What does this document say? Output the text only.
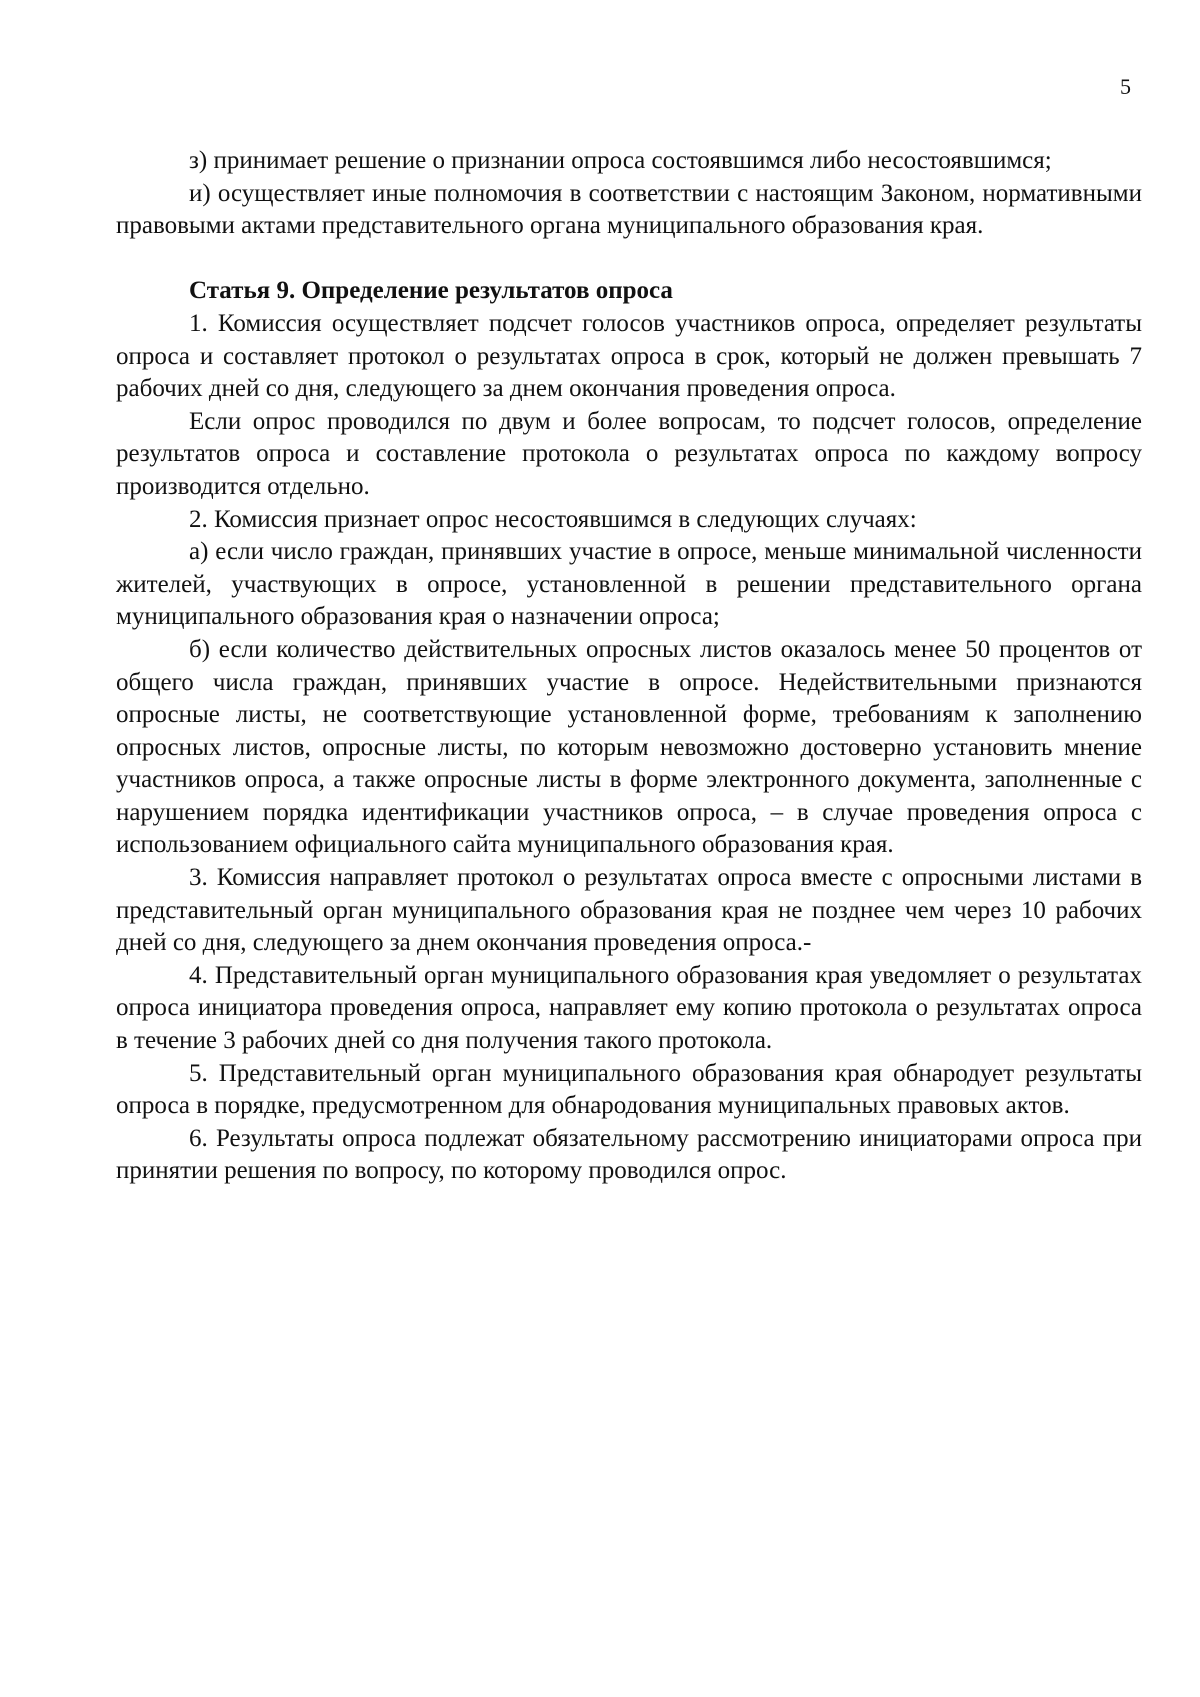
5

з) принимает решение о признании опроса состоявшимся либо несостоявшимся;

и) осуществляет иные полномочия в соответствии с настоящим Законом, нормативными правовыми актами представительного органа муниципального образования края.

Статья 9. Определение результатов опроса

1. Комиссия осуществляет подсчет голосов участников опроса, определяет результаты опроса и составляет протокол о результатах опроса в срок, который не должен превышать 7 рабочих дней со дня, следующего за днем окончания проведения опроса.

Если опрос проводился по двум и более вопросам, то подсчет голосов, определение результатов опроса и составление протокола о результатах опроса по каждому вопросу производится отдельно.

2. Комиссия признает опрос несостоявшимся в следующих случаях:

а) если число граждан, принявших участие в опросе, меньше минимальной численности жителей, участвующих в опросе, установленной в решении представительного органа муниципального образования края о назначении опроса;

б) если количество действительных опросных листов оказалось менее 50 процентов от общего числа граждан, принявших участие в опросе. Недействительными признаются опросные листы, не соответствующие установленной форме, требованиям к заполнению опросных листов, опросные листы, по которым невозможно достоверно установить мнение участников опроса, а также опросные листы в форме электронного документа, заполненные с нарушением порядка идентификации участников опроса, – в случае проведения опроса с использованием официального сайта муниципального образования края.

3. Комиссия направляет протокол о результатах опроса вместе с опросными листами в представительный орган муниципального образования края не позднее чем через 10 рабочих дней со дня, следующего за днем окончания проведения опроса.-

4. Представительный орган муниципального образования края уведомляет о результатах опроса инициатора проведения опроса, направляет ему копию протокола о результатах опроса в течение 3 рабочих дней со дня получения такого протокола.

5. Представительный орган муниципального образования края обнародует результаты опроса в порядке, предусмотренном для обнародования муниципальных правовых актов.

6. Результаты опроса подлежат обязательному рассмотрению инициаторами опроса при принятии решения по вопросу, по которому проводился опрос.
